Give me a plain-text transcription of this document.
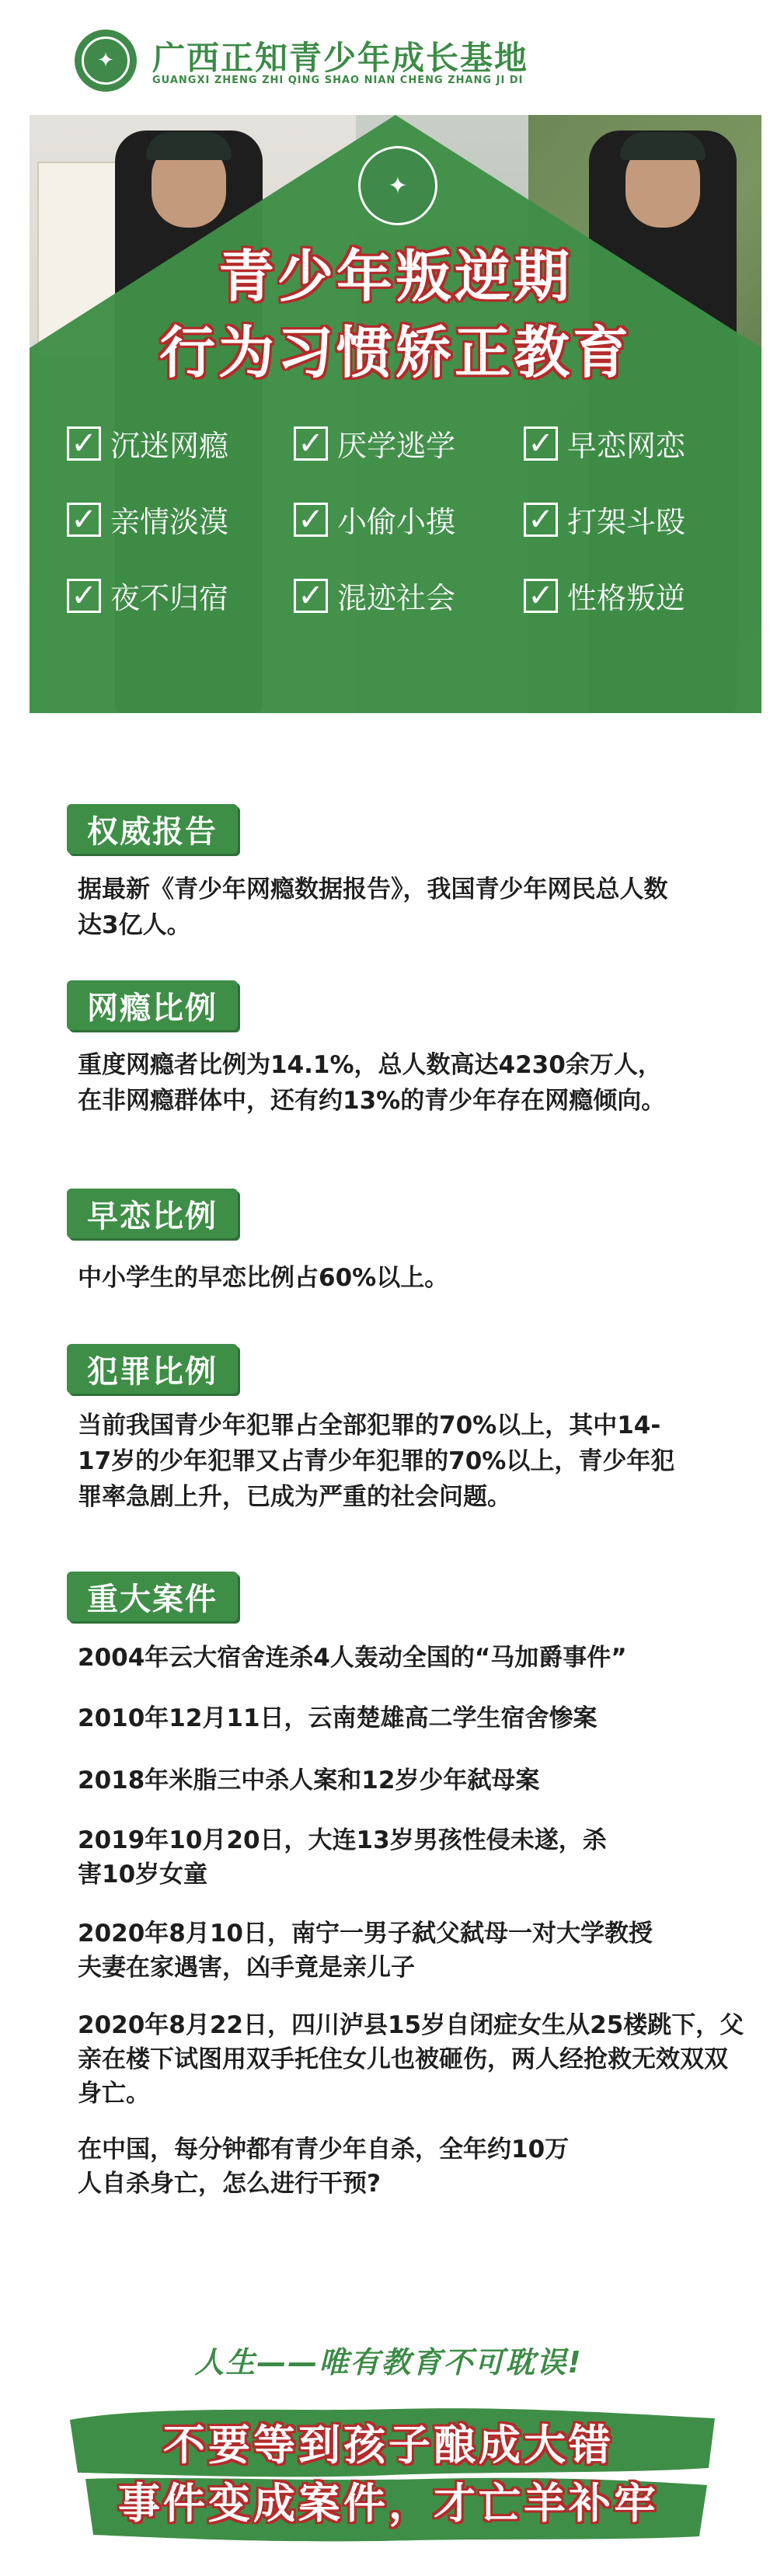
✦	广西正知青少年成长基地
GUANGXI ZHENG ZHI QING SHAO NIAN CHENG ZHANG JI DI
✦
青少年叛逆期
行为习惯矫正教育
✓ 沉迷网瘾 ✓ 厌学逃学 ✓ 早恋网恋
✓ 亲情淡漠 ✓ 小偷小摸 ✓ 打架斗殴
✓ 夜不归宿 ✓ 混迹社会 ✓ 性格叛逆
权威报告
据最新《青少年网瘾数据报告》，我国青少年网民总人数达3亿人。
网瘾比例
重度网瘾者比例为14.1%，总人数高达4230余万人，在非网瘾群体中，还有约13%的青少年存在网瘾倾向。
早恋比例
中小学生的早恋比例占60%以上。
犯罪比例
当前我国青少年犯罪占全部犯罪的70%以上，其中14-17岁的少年犯罪又占青少年犯罪的70%以上，青少年犯罪率急剧上升，已成为严重的社会问题。
重大案件
2004年云大宿舍连杀4人轰动全国的“马加爵事件”
2010年12月11日，云南楚雄高二学生宿舍惨案
2018年米脂三中杀人案和12岁少年弑母案
2019年10月20日，大连13岁男孩性侵未遂，杀害10岁女童
2020年8月10日，南宁一男子弑父弑母一对大学教授夫妻在家遇害，凶手竟是亲儿子
2020年8月22日，四川泸县15岁自闭症女生从25楼跳下，父亲在楼下试图用双手托住女儿也被砸伤，两人经抢救无效双双身亡。
在中国，每分钟都有青少年自杀，全年约10万人自杀身亡，怎么进行干预?
人生——唯有教育不可耽误!
不要等到孩子酿成大错
事件变成案件，才亡羊补牢
